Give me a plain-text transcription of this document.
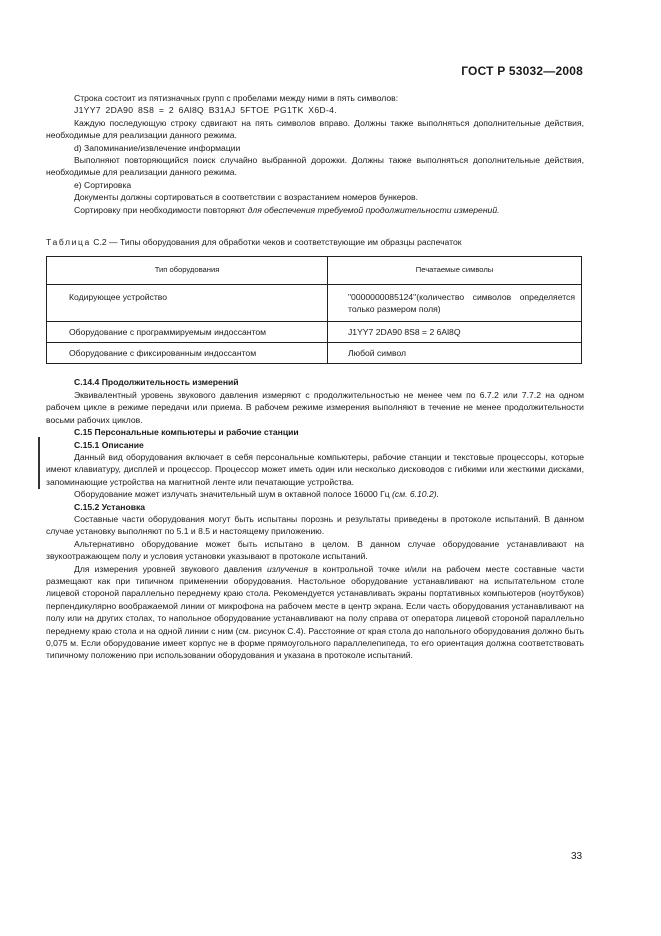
ГОСТ Р 53032—2008

Строка состоит из пятизначных групп с пробелами между ними в пять символов:

J1YY7 2DA90 8S8 = 2 6Al8Q B31AJ 5FTOE PG1TK X6D-4.

Каждую последующую строку сдвигают на пять символов вправо. Должны также выполняться дополнительные действия, необходимые для реализации данного режима.

d) Запоминание/извлечение информации

Выполняют повторяющийся поиск случайно выбранной дорожки. Должны также выполняться дополнительные действия, необходимые для реализации данного режима.

e) Сортировка

Документы должны сортироваться в соответствии с возрастанием номеров бункеров.

Сортировку при необходимости повторяют для обеспечения требуемой продолжительности измерений.

Таблица С.2 — Типы оборудования для обработки чеков и соответствующие им образцы распечаток

Тип оборудования	Печатаемые символы
Кодирующее устройство	"0000000085124"(количество символов определяется только размером поля)
Оборудование с программируемым индоссантом	J1YY7 2DA90 8S8 = 2 6Al8Q
Оборудование с фиксированным индоссантом	Любой символ

С.14.4 Продолжительность измерений

Эквивалентный уровень звукового давления измеряют с продолжительностью не менее чем по 6.7.2 или 7.7.2 на одном рабочем цикле в режиме передачи или приема. В рабочем режиме измерения выполняют в течение не менее продолжительности восьми рабочих циклов.

С.15 Персональные компьютеры и рабочие станции

С.15.1 Описание

Данный вид оборудования включает в себя персональные компьютеры, рабочие станции и текстовые процессоры, которые имеют клавиатуру, дисплей и процессор. Процессор может иметь один или несколько дисководов с гибкими или жесткими дисками, запоминающие устройства на магнитной ленте или печатающие устройства.

Оборудование может излучать значительный шум в октавной полосе 16000 Гц (см. 6.10.2).

С.15.2 Установка

Составные части оборудования могут быть испытаны порознь и результаты приведены в протоколе испытаний. В данном случае установку выполняют по 5.1 и 8.5 и настоящему приложению.

Альтернативно оборудование может быть испытано в целом. В данном случае оборудование устанавливают на звукоотражающем полу и условия установки указывают в протоколе испытаний.

Для измерения уровней звукового давления излучения в контрольной точке и/или на рабочем месте составные части размещают как при типичном применении оборудования. Настольное оборудование устанавливают на испытательном столе лицевой стороной параллельно переднему краю стола. Рекомендуется устанавливать экраны портативных компьютеров (ноутбуков) перпендикулярно воображаемой линии от микрофона на рабочем месте в центр экрана. Если часть оборудования устанавливают на полу или на других столах, то напольное оборудование устанавливают на полу справа от оператора лицевой стороной параллельно переднему краю стола и на одной линии с ним (см. рисунок С.4). Расстояние от края стола до напольного оборудования должно быть 0,075 м. Если оборудование имеет корпус не в форме прямоугольного параллелепипеда, то его ориентация должна соответствовать типичному положению при использовании оборудования и указана в протоколе испытаний.

33
